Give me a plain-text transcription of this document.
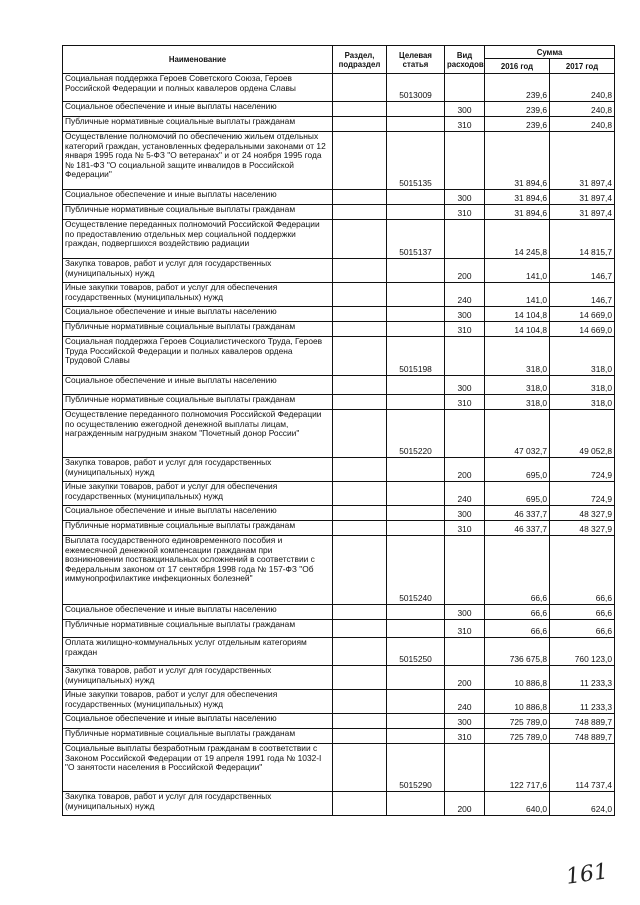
Наименование	Раздел, подраздел	Целевая статья	Вид расходов	Сумма	
				2016 год	2017 год
Социальная поддержка Героев Советского Союза, Героев Российской Федерации и полных кавалеров ордена Славы		5013009		239,6	240,8
Социальное обеспечение и иные выплаты населению			300	239,6	240,8
Публичные нормативные социальные выплаты гражданам			310	239,6	240,8
Осуществление полномочий по обеспечению жильем отдельных категорий граждан, установленных федеральными законами от 12 января 1995 года № 5-ФЗ "О ветеранах" и от 24 ноября 1995 года № 181-ФЗ "О социальной защите инвалидов в Российской Федерации"		5015135		31 894,6	31 897,4
Социальное обеспечение и иные выплаты населению			300	31 894,6	31 897,4
Публичные нормативные социальные выплаты гражданам			310	31 894,6	31 897,4
Осуществление переданных полномочий Российской Федерации по предоставлению отдельных мер социальной поддержки граждан, подвергшихся воздействию радиации		5015137		14 245,8	14 815,7
Закупка товаров, работ и услуг для государственных (муниципальных) нужд			200	141,0	146,7
Иные закупки товаров, работ и услуг для обеспечения государственных (муниципальных) нужд			240	141,0	146,7
Социальное обеспечение и иные выплаты населению			300	14 104,8	14 669,0
Публичные нормативные социальные выплаты гражданам			310	14 104,8	14 669,0
Социальная поддержка Героев Социалистического Труда, Героев Труда Российской Федерации и полных кавалеров ордена Трудовой Славы		5015198		318,0	318,0
Социальное обеспечение и иные выплаты населению			300	318,0	318,0
Публичные нормативные социальные выплаты гражданам			310	318,0	318,0
Осуществление переданного полномочия Российской Федерации по осуществлению ежегодной денежной выплаты лицам, награжденным нагрудным знаком "Почетный донор России"		5015220		47 032,7	49 052,8
Закупка товаров, работ и услуг для государственных (муниципальных) нужд			200	695,0	724,9
Иные закупки товаров, работ и услуг для обеспечения государственных (муниципальных) нужд			240	695,0	724,9
Социальное обеспечение и иные выплаты населению			300	46 337,7	48 327,9
Публичные нормативные социальные выплаты гражданам			310	46 337,7	48 327,9
Выплата государственного единовременного пособия и ежемесячной денежной компенсации гражданам при возникновении поствакцинальных осложнений в соответствии с Федеральным законом от 17 сентября 1998 года № 157-ФЗ "Об иммунопрофилактике инфекционных болезней"		5015240		66,6	66,6
Социальное обеспечение и иные выплаты населению			300	66,6	66,6
Публичные нормативные социальные выплаты гражданам			310	66,6	66,6
Оплата жилищно-коммунальных услуг отдельным категориям граждан		5015250		736 675,8	760 123,0
Закупка товаров, работ и услуг для государственных (муниципальных) нужд			200	10 886,8	11 233,3
Иные закупки товаров, работ и услуг для обеспечения государственных (муниципальных) нужд			240	10 886,8	11 233,3
Социальное обеспечение и иные выплаты населению			300	725 789,0	748 889,7
Публичные нормативные социальные выплаты гражданам			310	725 789,0	748 889,7
Социальные выплаты безработным гражданам в соответствии с Законом Российской Федерации от 19 апреля 1991 года № 1032-I "О занятости населения в Российской Федерации"		5015290		122 717,6	114 737,4
Закупка товаров, работ и услуг для государственных (муниципальных) нужд			200	640,0	624,0
161
